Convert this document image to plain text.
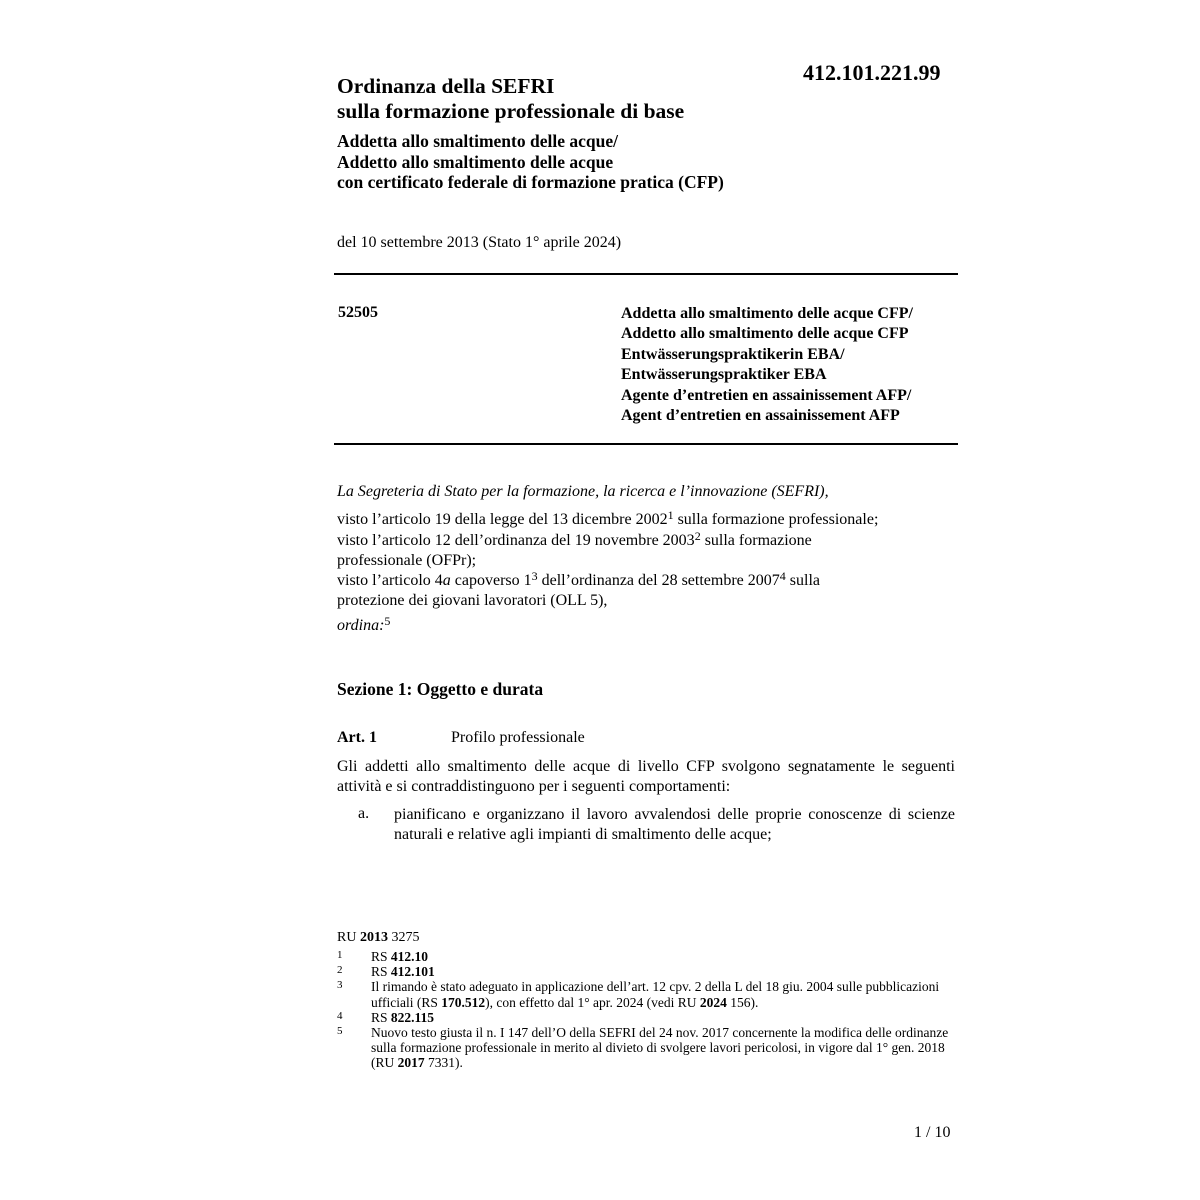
412.101.221.99
Ordinanza della SEFRI
sulla formazione professionale di base
Addetta allo smaltimento delle acque/
Addetto allo smaltimento delle acque
con certificato federale di formazione pratica (CFP)
del 10 settembre 2013 (Stato 1° aprile 2024)
52505	Addetta allo smaltimento delle acque CFP/
Addetto allo smaltimento delle acque CFP
Entwässerungspraktikerin EBA/
Entwässerungspraktiker EBA
Agente d’entretien en assainissement AFP/
Agent d’entretien en assainissement AFP
La Segreteria di Stato per la formazione, la ricerca e l’innovazione (SEFRI),
visto l’articolo 19 della legge del 13 dicembre 2002$^1$ sulla formazione professionale;
visto l’articolo 12 dell’ordinanza del 19 novembre 2003$^2$ sulla formazione
professionale (OFPr);
visto l’articolo 4a capoverso $1^3$ dell’ordinanza del 28 settembre 2007$^4$ sulla
protezione dei giovani lavoratori (OLL 5),
ordina:$^5$
Sezione 1: Oggetto e durata
Art. 1	Profilo professionale
Gli addetti allo smaltimento delle acque di livello CFP svolgono segnatamente le seguenti attività e si contraddistinguono per i seguenti comportamenti:
a. pianificano e organizzano il lavoro avvalendosi delle proprie conoscenze di scienze naturali e relative agli impianti di smaltimento delle acque;
RU 2013 3275
1	RS 412.10
2	RS 412.101
3	Il rimando è stato adeguato in applicazione dell’art. 12 cpv. 2 della L del 18 giu. 2004 sulle pubblicazioni ufficiali (RS 170.512), con effetto dal 1° apr. 2024 (vedi RU 2024 156).
4	RS 822.115
5	Nuovo testo giusta il n. I 147 dell’O della SEFRI del 24 nov. 2017 concernente la modifica delle ordinanze sulla formazione professionale in merito al divieto di svolgere lavori pericolosi, in vigore dal 1° gen. 2018 (RU 2017 7331).
1 / 10
